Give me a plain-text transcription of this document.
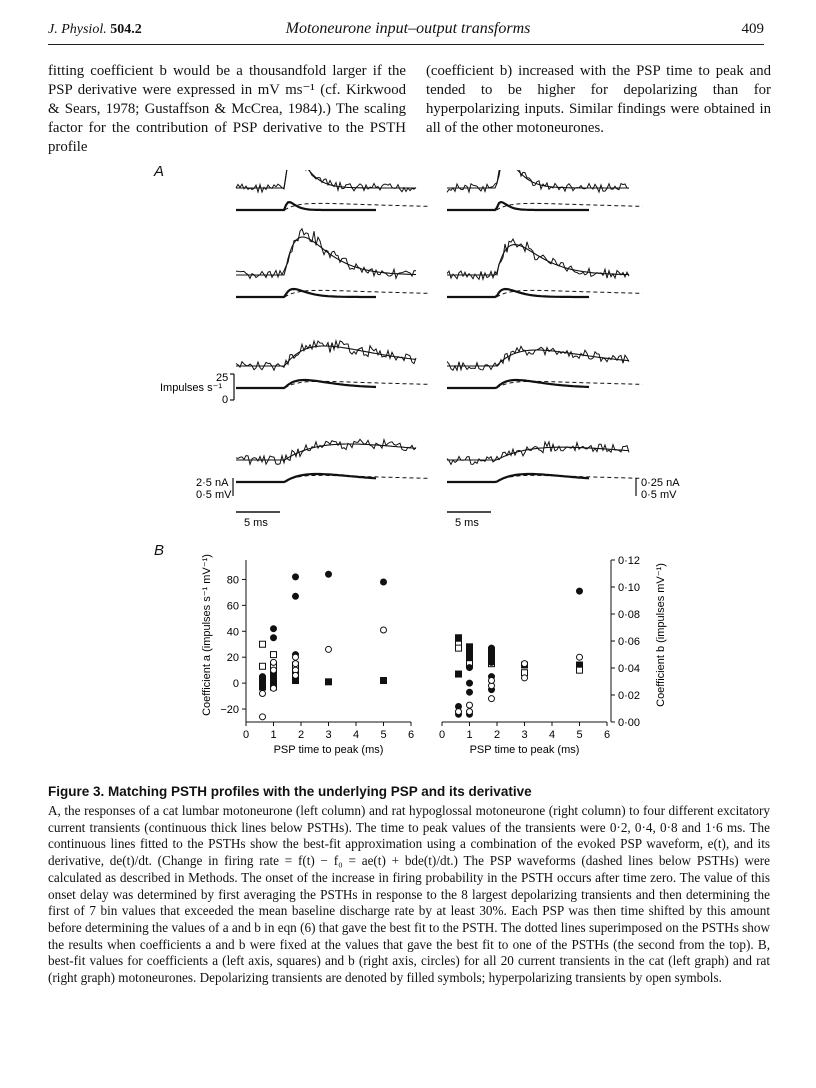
J. Physiol. 504.2	Motoneurone input–output transforms	409

fitting coefficient b would be a thousandfold larger if the PSP derivative were expressed in mV ms⁻¹ (cf. Kirkwood & Sears, 1978; Gustaffson & McCrea, 1984).) The scaling factor for the contribution of PSP derivative to the PSTH profile

(coefficient b) increased with the PSP time to peak and tended to be higher for depolarizing than for hyperpolarizing inputs. Similar findings were obtained in all of the other motoneurones.

A
Impulses s⁻¹
25
0
2·5 nA
0·5 mV
0·25 nA
0·5 mV
5 ms	5 ms
B
0 1 2 3 4 5 6
PSP time to peak (ms)
0 1 2 3 4 5 6
PSP time to peak (ms)
80
60
40
20
0
−20
Coefficient a (impulses s⁻¹ mV⁻¹)	0·12
0·10
0·08
0·06
0·04
0·02
0·00
Coefficient b (impulses mV⁻¹)
Figure 3. Matching PSTH profiles with the underlying PSP and its derivative

A, the responses of a cat lumbar motoneurone (left column) and rat hypoglossal motoneurone (right column) to four different excitatory current transients (continuous thick lines below PSTHs). The time to peak values of the transients were 0·2, 0·4, 0·8 and 1·6 ms. The continuous lines fitted to the PSTHs show the best-fit approximation using a combination of the evoked PSP waveform, e(t), and its derivative, de(t)/dt. (Change in firing rate = f(t) − f₀ = ae(t) + bde(t)/dt.) The PSP waveforms (dashed lines below PSTHs) were calculated as described in Methods. The onset of the increase in firing probability in the PSTH occurs after time zero. The value of this onset delay was determined by first averaging the PSTHs in response to the 8 largest depolarizing transients and then determining the first of 7 bin values that exceeded the mean baseline discharge rate by at least 30%. Each PSP was then time shifted by this amount before determining the values of a and b in eqn (6) that gave the best fit to the PSTH. The dotted lines superimposed on the PSTHs show the results when coefficients a and b were fixed at the values that gave the best fit to one of the PSTHs (the second from the top). B, best-fit values for coefficients a (left axis, squares) and b (right axis, circles) for all 20 current transients in the cat (left graph) and rat (right graph) motoneurones. Depolarizing transients are denoted by filled symbols; hyperpolarizing transients by open symbols.
